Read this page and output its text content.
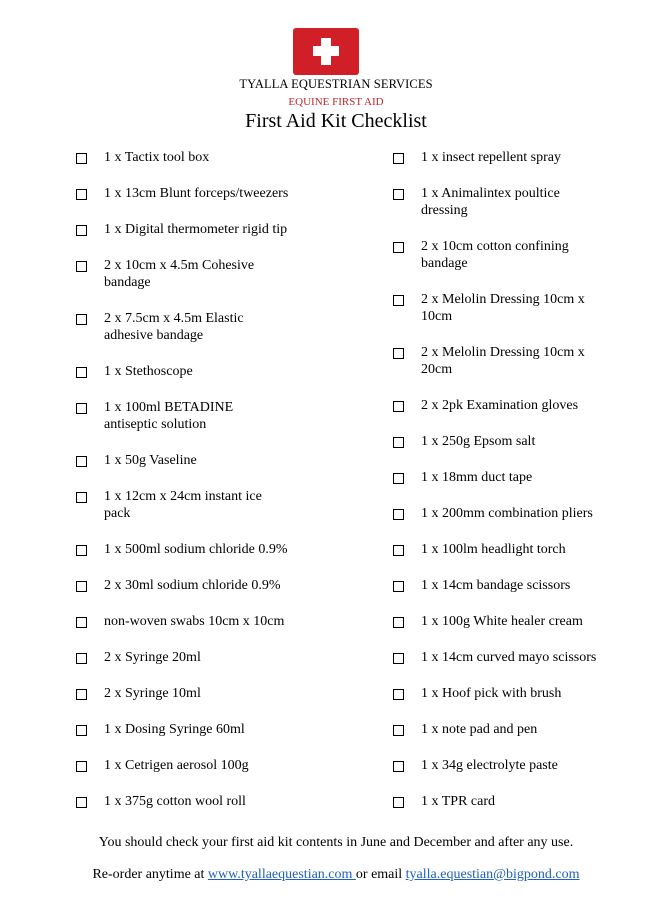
TYALLA EQUESTRIAN SERVICES
EQUINE FIRST AID
First Aid Kit Checklist
1 x Tactix tool box
1 x 13cm Blunt forceps/tweezers
1 x Digital thermometer rigid tip
2 x 10cm x 4.5m Cohesive
bandage
2 x 7.5cm x 4.5m Elastic
adhesive bandage
1 x Stethoscope
1 x 100ml BETADINE
antiseptic solution
1 x 50g Vaseline
1 x 12cm x 24cm instant ice
pack
1 x 500ml sodium chloride 0.9%
2 x 30ml sodium chloride 0.9%
non-woven swabs 10cm x 10cm
2 x Syringe 20ml
2 x Syringe 10ml
1 x Dosing Syringe 60ml
1 x Cetrigen aerosol 100g
1 x 375g cotton wool roll
1 x insect repellent spray
1 x Animalintex poultice
dressing
2 x 10cm cotton confining
bandage
2 x Melolin Dressing 10cm x
10cm
2 x Melolin Dressing 10cm x
20cm
2 x 2pk Examination gloves
1 x 250g Epsom salt
1 x 18mm duct tape
1 x 200mm combination pliers
1 x 100lm headlight torch
1 x 14cm bandage scissors
1 x 100g White healer cream
1 x 14cm curved mayo scissors
1 x Hoof pick with brush
1 x note pad and pen
1 x 34g electrolyte paste
1 x TPR card
You should check your first aid kit contents in June and December and after any use.
Re-order anytime at www.tyallaequestian.com or email tyalla.equestian@bigpond.com
